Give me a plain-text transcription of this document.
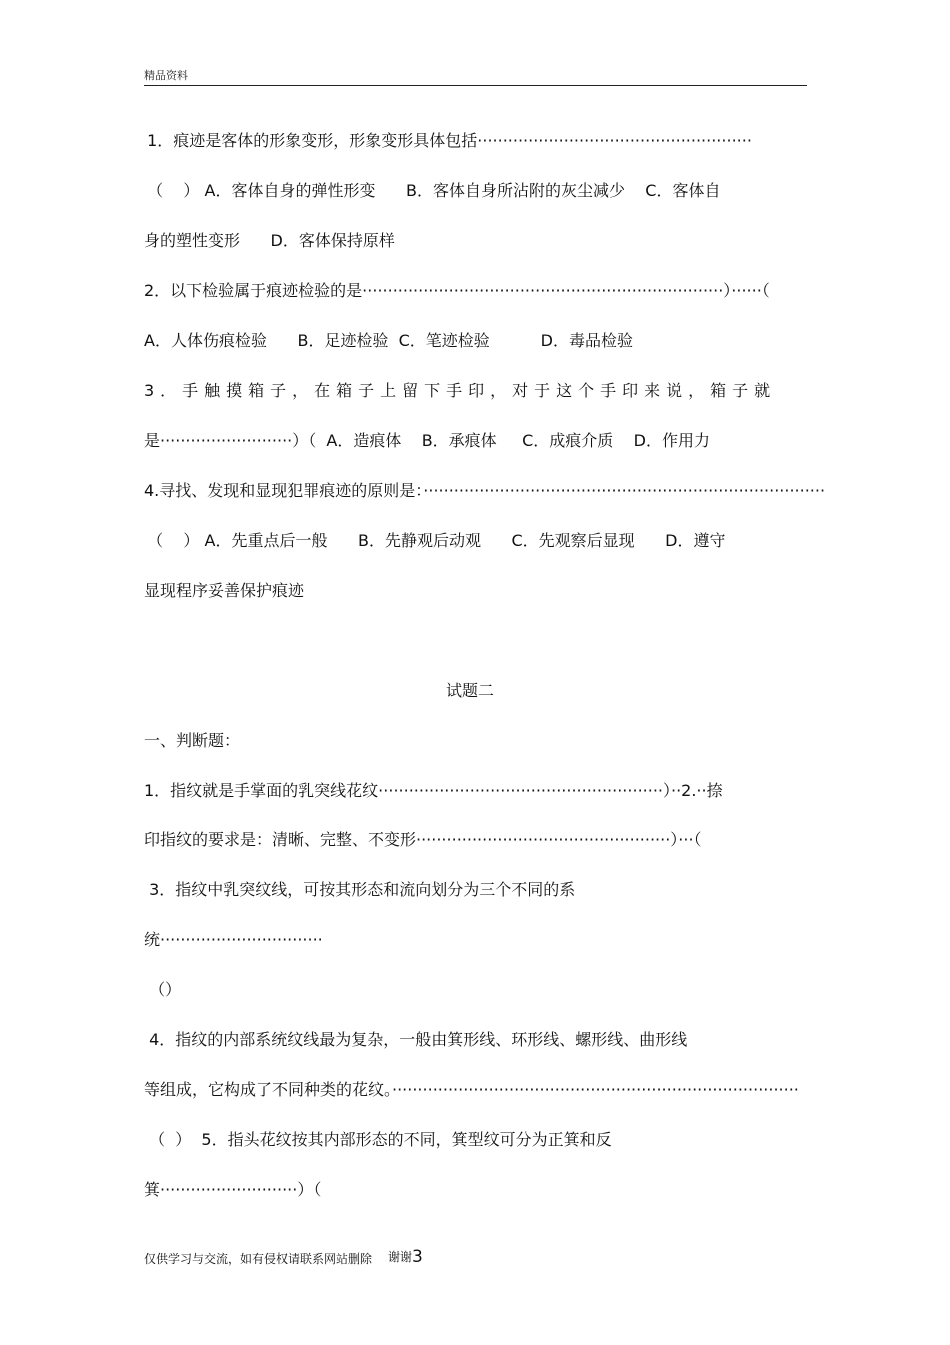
精品资料
1．痕迹是客体的形象变形，形象变形具体包括······················································
（    ） A．客体自身的弹性形变      B．客体自身所沾附的灰尘减少    C．客体自
身的塑性变形      D．客体保持原样
2．以下检验属于痕迹检验的是·······································································）······（
A．人体伤痕检验      B．足迹检验  C．笔迹检验          D．毒品检验
3．手触摸箱子，在箱子上留下手印，对于这个手印来说，箱子就
是··························）（  A．造痕体    B．承痕体     C．成痕介质    D．作用力
4.寻找、发现和显现犯罪痕迹的原则是：···············································································
（    ） A．先重点后一般      B．先静观后动观      C．先观察后显现      D．遵守
显现程序妥善保护痕迹
试题二
一、判断题：
1．指纹就是手掌面的乳突线花纹························································）··2.··捺
印指纹的要求是：清晰、完整、不变形··················································）···（
3．指纹中乳突纹线，可按其形态和流向划分为三个不同的系
统································
（）
4．指纹的内部系统纹线最为复杂，一般由箕形线、环形线、螺形线、曲形线
等组成，它构成了不同种类的花纹。················································································
（  ）  5．指头花纹按其内部形态的不同，箕型纹可分为正箕和反
箕···························）（
仅供学习与交流，如有侵权请联系网站删除 谢谢3
